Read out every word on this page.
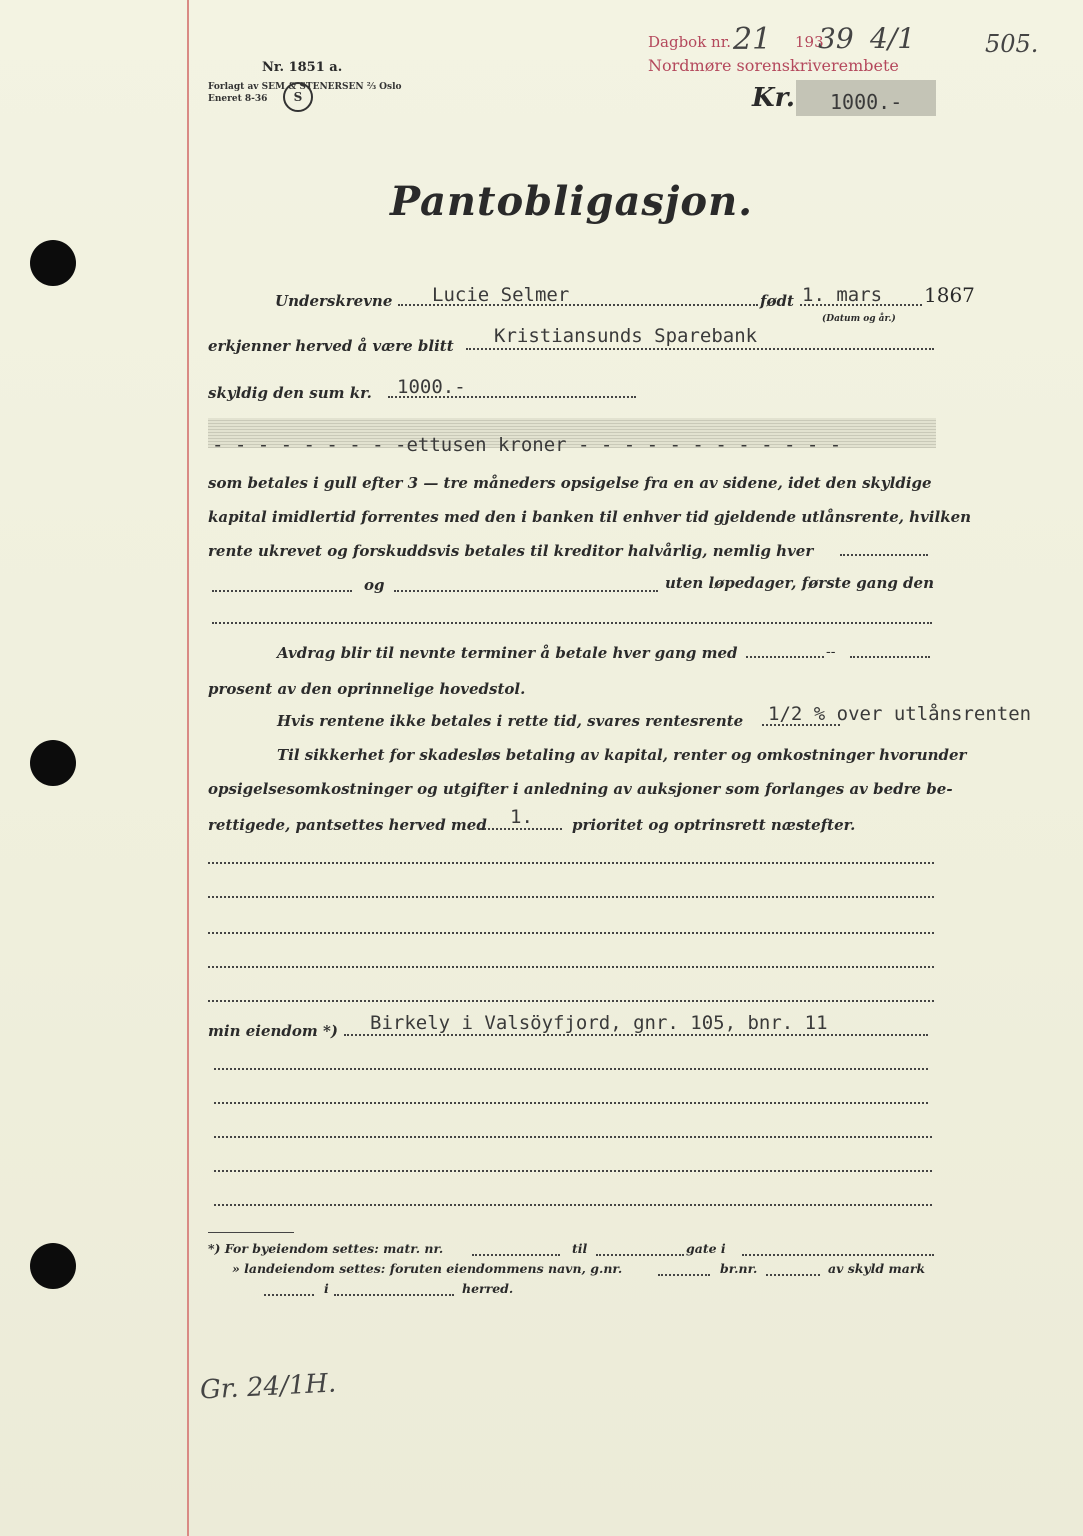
Nr. 1851 a.
Forlagt av SEM & STENERSEN ⅔ Oslo
Eneret 8-36	S
Dagbok nr. 21 193
39 4/1
Nordmøre sorenskriverembete
505.
Kr. 1000.-
Pantobligasjon.
Underskrevne Lucie Selmer	født 1. mars 1867
(Datum og år.)
erkjenner herved å være blitt Kristiansunds Sparebank
skyldig den sum kr. 1000.-
- - - - - - - - -ettusen kroner - - - - - - - - - - - -
som betales i gull efter 3 — tre måneders opsigelse fra en av sidene, idet den skyldige
kapital imidlertid forrentes med den i banken til enhver tid gjeldende utlånsrente, hvilken
rente ukrevet og forskuddsvis betales til kreditor halvårlig, nemlig hver
og	uten løpedager, første gang den
Avdrag blir til nevnte terminer å betale hver gang med	--
prosent av den oprinnelige hovedstol.
Hvis rentene ikke betales i rette tid, svares rentesrente 1/2 % over utlånsrenten
Til sikkerhet for skadesløs betaling av kapital, renter og omkostninger hvorunder
opsigelsesomkostninger og utgifter i anledning av auksjoner som forlanges av bedre be-
rettigede, pantsettes herved med 1.	prioritet og optrinsrett næstefter.
min eiendom *) Birkely i Valsöyfjord, gnr. 105, bnr. 11
*) For byeiendom settes: matr. nr.	til	gate i
» landeiendom settes: foruten eiendommens navn, g.nr.	br.nr.	av skyld mark
i	herred.
Gr. 24/1H.
